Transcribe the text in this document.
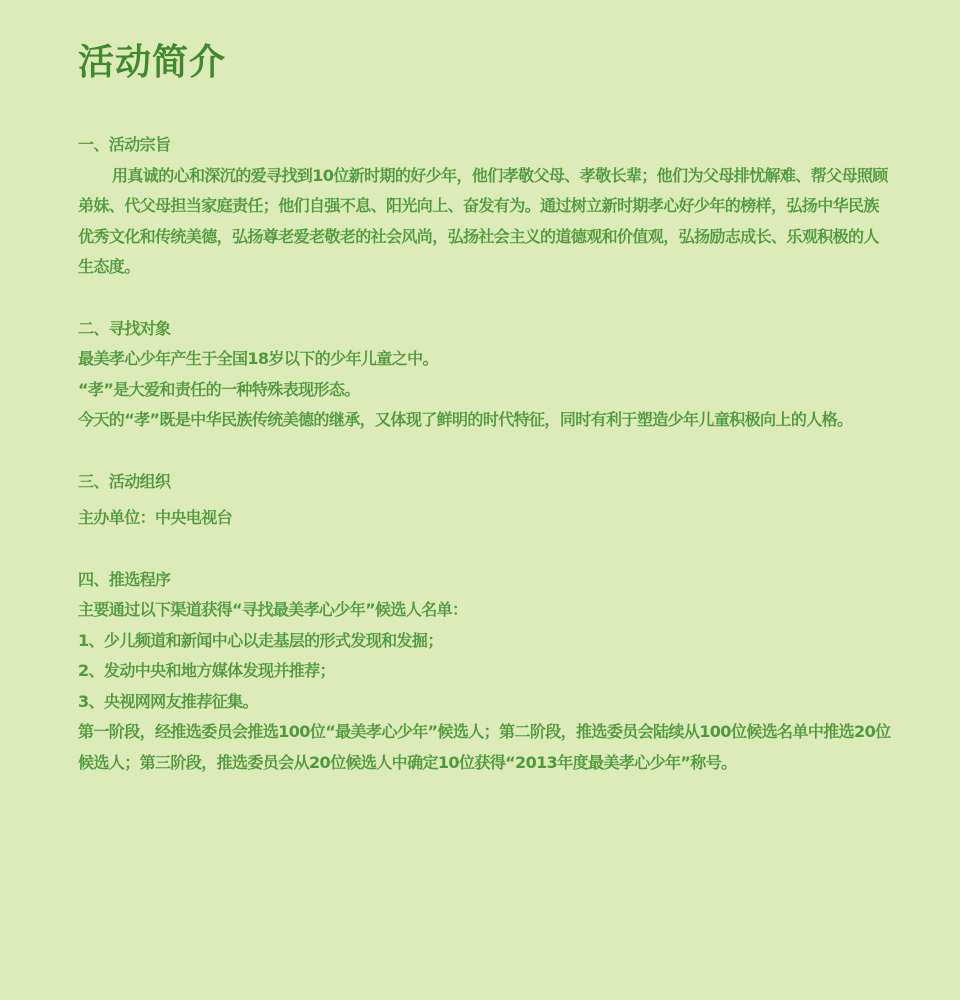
活动简介
一、活动宗旨

用真诚的心和深沉的爱寻找到10位新时期的好少年，他们孝敬父母、孝敬长辈；他们为父母排忧解难、帮父母照顾弟妹、代父母担当家庭责任；他们自强不息、阳光向上、奋发有为。通过树立新时期孝心好少年的榜样，弘扬中华民族优秀文化和传统美德，弘扬尊老爱老敬老的社会风尚，弘扬社会主义的道德观和价值观，弘扬励志成长、乐观积极的人生态度。

二、寻找对象

最美孝心少年产生于全国18岁以下的少年儿童之中。

“孝”是大爱和责任的一种特殊表现形态。

今天的“孝”既是中华民族传统美德的继承，又体现了鲜明的时代特征，同时有利于塑造少年儿童积极向上的人格。

三、活动组织

主办单位：中央电视台

四、推选程序

主要通过以下渠道获得“寻找最美孝心少年”候选人名单：

1、少儿频道和新闻中心以走基层的形式发现和发掘；

2、发动中央和地方媒体发现并推荐；

3、央视网网友推荐征集。

第一阶段，经推选委员会推选100位“最美孝心少年”候选人；第二阶段，推选委员会陆续从100位候选名单中推选20位候选人；第三阶段，推选委员会从20位候选人中确定10位获得“2013年度最美孝心少年”称号。
